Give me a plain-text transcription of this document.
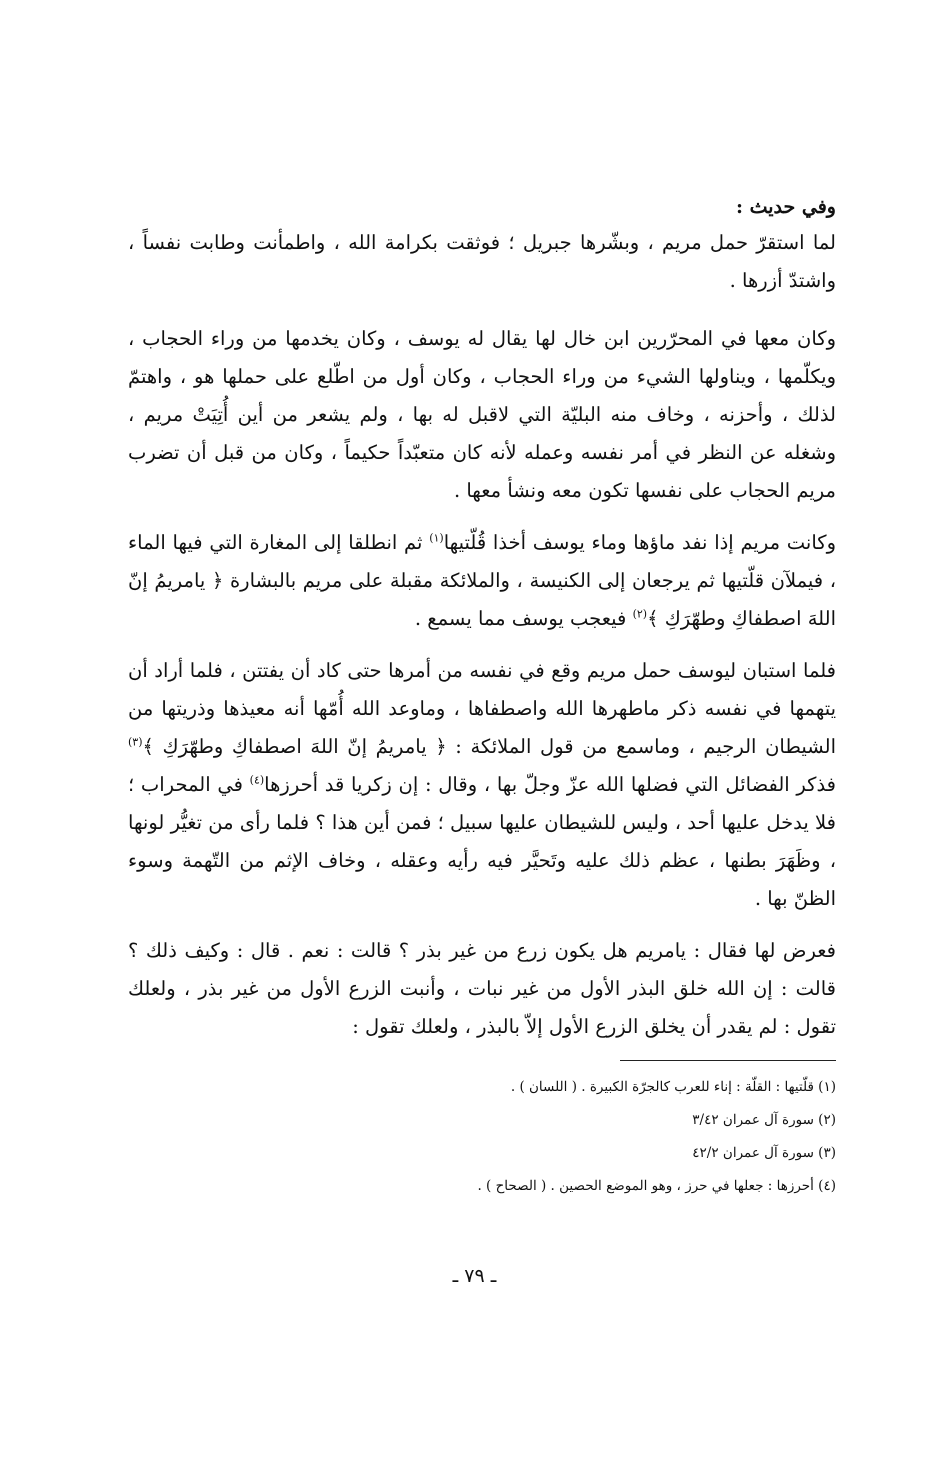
وفي حديث :

لما استقرّ حمل مريم ، وبشّرها جبريل ؛ فوثقت بكرامة الله ، واطمأنت وطابت نفساً ، واشتدّ أزرها .

وكان معها في المحرّرين ابن خال لها يقال له يوسف ، وكان يخدمها من وراء الحجاب ، ويكلّمها ، ويناولها الشيء من وراء الحجاب ، وكان أول من اطّلع على حملها هو ، واهتمّ لذلك ، وأحزنه ، وخاف منه البليّة التي لاقبل له بها ، ولم يشعر من أين أُتِيَتْ مريم ، وشغله عن النظر في أمر نفسه وعمله لأنه كان متعبّداً حكيماً ، وكان من قبل أن تضرب مريم الحجاب على نفسها تكون معه ونشأ معها .

وكانت مريم إذا نفد ماؤها وماء يوسف أخذا قُلّتيها$^{(١)}$ ثم انطلقا إلى المغارة التي فيها الماء ، فيملآن قلّتيها ثم يرجعان إلى الكنيسة ، والملائكة مقبلة على مريم بالبشارة ﴿ يامريمُ إنّ اللهَ اصطفاكِ وطهّرَكِ ﴾$^{(٢)}$ فيعجب يوسف مما يسمع .

فلما استبان ليوسف حمل مريم وقع في نفسه من أمرها حتى كاد أن يفتتن ، فلما أراد أن يتهمها في نفسه ذكر ماطهرها الله واصطفاها ، وماوعد الله أُمّها أنه معيذها وذريتها من الشيطان الرجيم ، وماسمع من قول الملائكة : ﴿ يامريمُ إنّ اللهَ اصطفاكِ وطهّرَكِ ﴾$^{(٣)}$ فذكر الفضائل التي فضلها الله عزّ وجلّ بها ، وقال : إن زكريا قد أحرزها$^{(٤)}$ في المحراب ؛ فلا يدخل عليها أحد ، وليس للشيطان عليها سبيل ؛ فمن أين هذا ؟ فلما رأى من تغيُّر لونها ، وظَهَرَ بطنها ، عظم ذلك عليه وتَحيَّر فيه رأيه وعقله ، وخاف الإثم من التّهمة وسوء الظنّ بها .

فعرض لها فقال : يامريم هل يكون زرع من غير بذر ؟ قالت : نعم . قال : وكيف ذلك ؟ قالت : إن الله خلق البذر الأول من غير نبات ، وأنبت الزرع الأول من غير بذر ، ولعلك تقول : لم يقدر أن يخلق الزرع الأول إلاّ بالبذر ، ولعلك تقول :

(١) قلّتيها : القلّة : إناء للعرب كالجرّة الكبيرة . ( اللسان ) .
(٢) سورة آل عمران ٣/٤٢
(٣) سورة آل عمران ٤٢/٢
(٤) أحرزها : جعلها في حرز ، وهو الموضع الحصين . ( الصحاح ) .
ـ ٧٩ ـ
